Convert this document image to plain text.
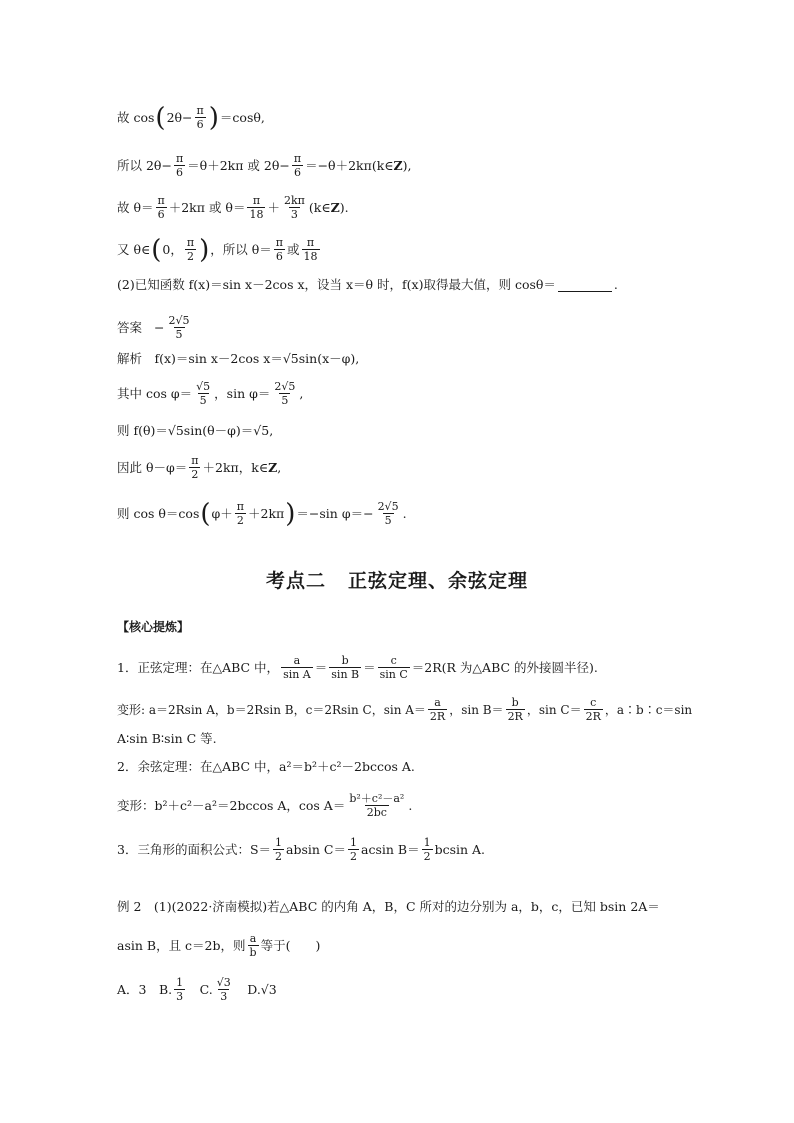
故 cos ( $2\theta- \frac{\pi}{6}$ ) ＝cosθ,
所以 $2\theta- \frac{\pi}{6} =\theta+2k\pi$ 或 $2\theta- \frac{\pi}{6}$ ＝−θ＋2kπ(k∈ Z ),
故 $\theta= \frac{\pi}{6} +2k\pi$ 或 $\theta= \frac{\pi}{18} + \frac{2k\pi}{3}$ (k∈ Z ).
又 θ∈ ( 0， $\frac{\pi}{2}$ ) ，所以 $\theta= \frac{\pi}{6}$ 或 $\frac{\pi}{18}$
(2)已知函数 f(x)＝sin x－2cos x，设当 x＝θ 时，f(x)取得最大值，则 cosθ＝	.
答案 − $\frac{2√5}{5}$
解析　f(x)＝sin x－2cos x＝√5sin(x－φ),
其中 $\cos \varphi= \frac{√5}{5}$ ，$\sin \varphi= \frac{2√5}{5}$ ,
则 f(θ)＝√5sin(θ－φ)＝√5,
因此 $\theta-\varphi= \frac{\pi}{2} +2k\pi$，k∈ Z ,
则 cos θ＝cos ( $\varphi+ \frac{\pi}{2} +2k\pi$ ) ＝−sin $\varphi=- \frac{2√5}{5}$ .
考点二 正弦定理、余弦定理
【核心提炼】
1．正弦定理：在△ABC 中， $\frac{a}{\text{sin A}} = \frac{b}{\text{sin B}} = \frac{c}{\text{sin C}} =2R(R$ 为△ABC 的外接圆半径).
变形: a＝2Rsin A，b＝2Rsin B，c＝2Rsin C，$\sin A= \frac{a}{2R}$ ，$\sin B= \frac{b}{2R}$ ，$\sin C= \frac{c}{2R}$ ，a∶b∶c＝sin
A∶sin B∶sin C 等.
2．余弦定理：在△ABC 中，a²＝b²＋c²－2bccos A.
变形：b²＋c²－a²＝2bccos A，$\cos A= \frac{\text{b²＋c²－a²}}{2bc}$ .
3．三角形的面积公式：$S= \frac{1}{2}$ absin $C= \frac{1}{2}$ acsin $B= \frac{1}{2}$ bcsin A.
例 2　(1)(2022·济南模拟)若△ABC 的内角 A，B，C 所对的边分别为 a，b，c，已知 bsin 2A＝
asin B，且 c＝2b，则 $\frac{a}{b}$ 等于(　　)
A．3　B. $\frac{1}{3}$ 　C. $\frac{√3}{3}$ 　D.√3
